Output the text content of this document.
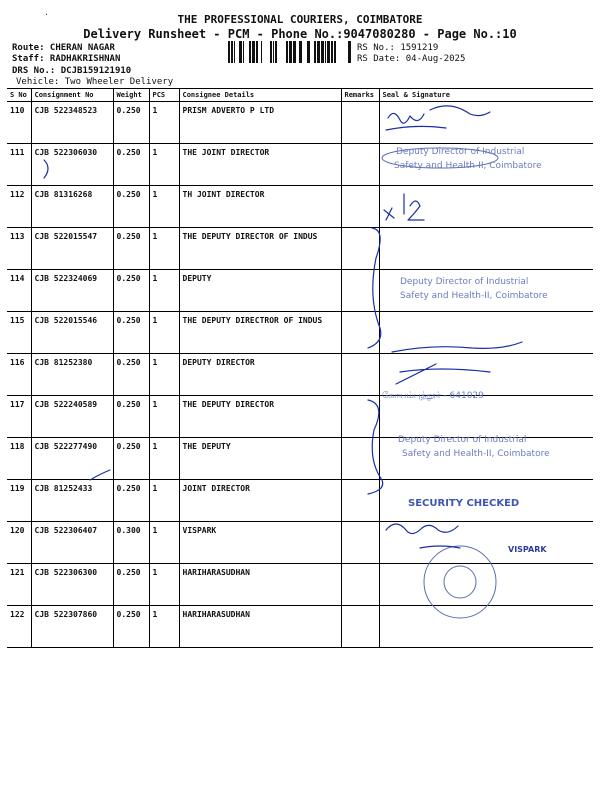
·	THE PROFESSIONAL COURIERS, COIMBATORE
Delivery Runsheet - PCM - Phone No.:9047080280 - Page No.:10
Route: CHERAN NAGAR
Staff: RADHAKRISHNAN
DRS No.: DCJB159121910
Vehicle: Two Wheeler Delivery
RS No.: 1591219
RS Date: 04-Aug-2025
S No	Consignment No	Weight	PCS	Consignee Details	Remarks	Seal & Signature
110	CJB 522348523	0.250	1	PRISM ADVERTO P LTD		
111	CJB 522306030	0.250	1	THE JOINT DIRECTOR		
112	CJB 81316268	0.250	1	TH JOINT DIRECTOR		
113	CJB 522015547	0.250	1	THE DEPUTY DIRECTOR OF INDUS		
114	CJB 522324069	0.250	1	DEPUTY		
115	CJB 522015546	0.250	1	THE DEPUTY DIRECTROR OF INDUS		
116	CJB 81252380	0.250	1	DEPUTY DIRECTOR		
117	CJB 522240589	0.250	1	THE DEPUTY DIRECTOR		
118	CJB 522277490	0.250	1	THE DEPUTY		
119	CJB 81252433	0.250	1	JOINT DIRECTOR		
120	CJB 522306407	0.300	1	VISPARK		
121	CJB 522306300	0.250	1	HARIHARASUDHAN		
122	CJB 522307860	0.250	1	HARIHARASUDHAN		
Deputy Director of Industrial
Safety and Health-II, Coimbatore
Deputy Director of Industrial
Safety and Health-II, Coimbatore
கோயம்புத்தூர் - 641029
Deputy Director of Industrial
Safety and Health-II, Coimbatore
SECURITY CHECKED
VISPARK
